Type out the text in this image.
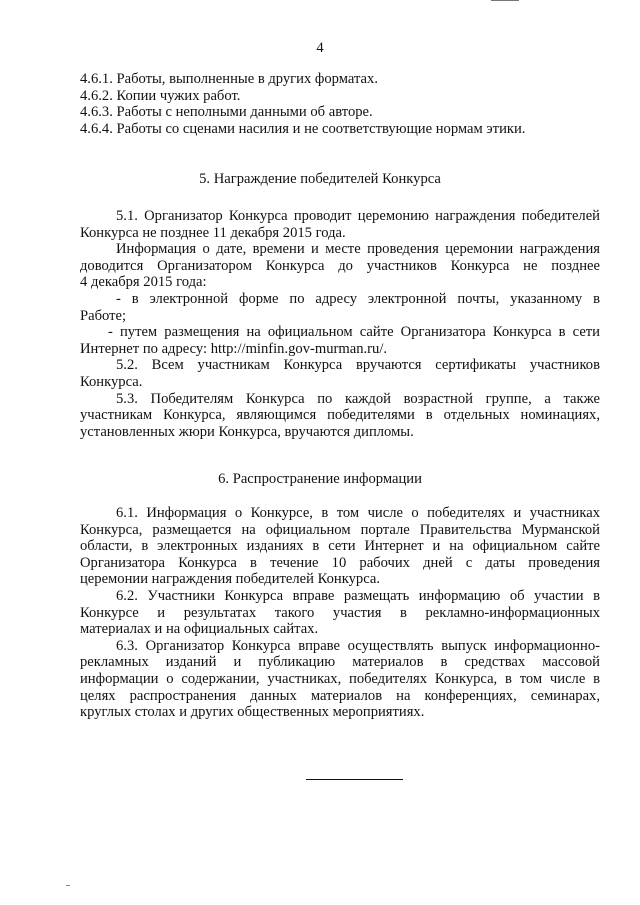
4
4.6.1. Работы, выполненные в других форматах.
4.6.2. Копии чужих работ.
4.6.3. Работы с неполными данными об авторе.
4.6.4. Работы со сценами насилия и не соответствующие нормам этики.
5. Награждение победителей Конкурса
5.1. Организатор Конкурса проводит церемонию награждения победителей
Конкурса не позднее 11 декабря 2015 года.
Информация о дате, времени и месте проведения церемонии награждения
доводится Организатором Конкурса до участников Конкурса не позднее
4 декабря 2015 года:
- в электронной форме по адресу электронной почты, указанному в
Работе;
- путем размещения на официальном сайте Организатора Конкурса в сети
Интернет по адресу: http://minfin.gov-murman.ru/.
5.2. Всем участникам Конкурса вручаются сертификаты участников
Конкурса.
5.3. Победителям Конкурса по каждой возрастной группе, а также
участникам Конкурса, являющимся победителями в отдельных номинациях,
установленных жюри Конкурса, вручаются дипломы.
6. Распространение информации
6.1. Информация о Конкурсе, в том числе о победителях и участниках
Конкурса, размещается на официальном портале Правительства Мурманской
области, в электронных изданиях в сети Интернет и на официальном сайте
Организатора Конкурса в течение 10 рабочих дней с даты проведения
церемонии награждения победителей Конкурса.
6.2. Участники Конкурса вправе размещать информацию об участии в
Конкурсе и результатах такого участия в рекламно-информационных
материалах и на официальных сайтах.
6.3. Организатор Конкурса вправе осуществлять выпуск информационно-
рекламных изданий и публикацию материалов в средствах массовой
информации о содержании, участниках, победителях Конкурса, в том числе в
целях распространения данных материалов на конференциях, семинарах,
круглых столах и других общественных мероприятиях.
